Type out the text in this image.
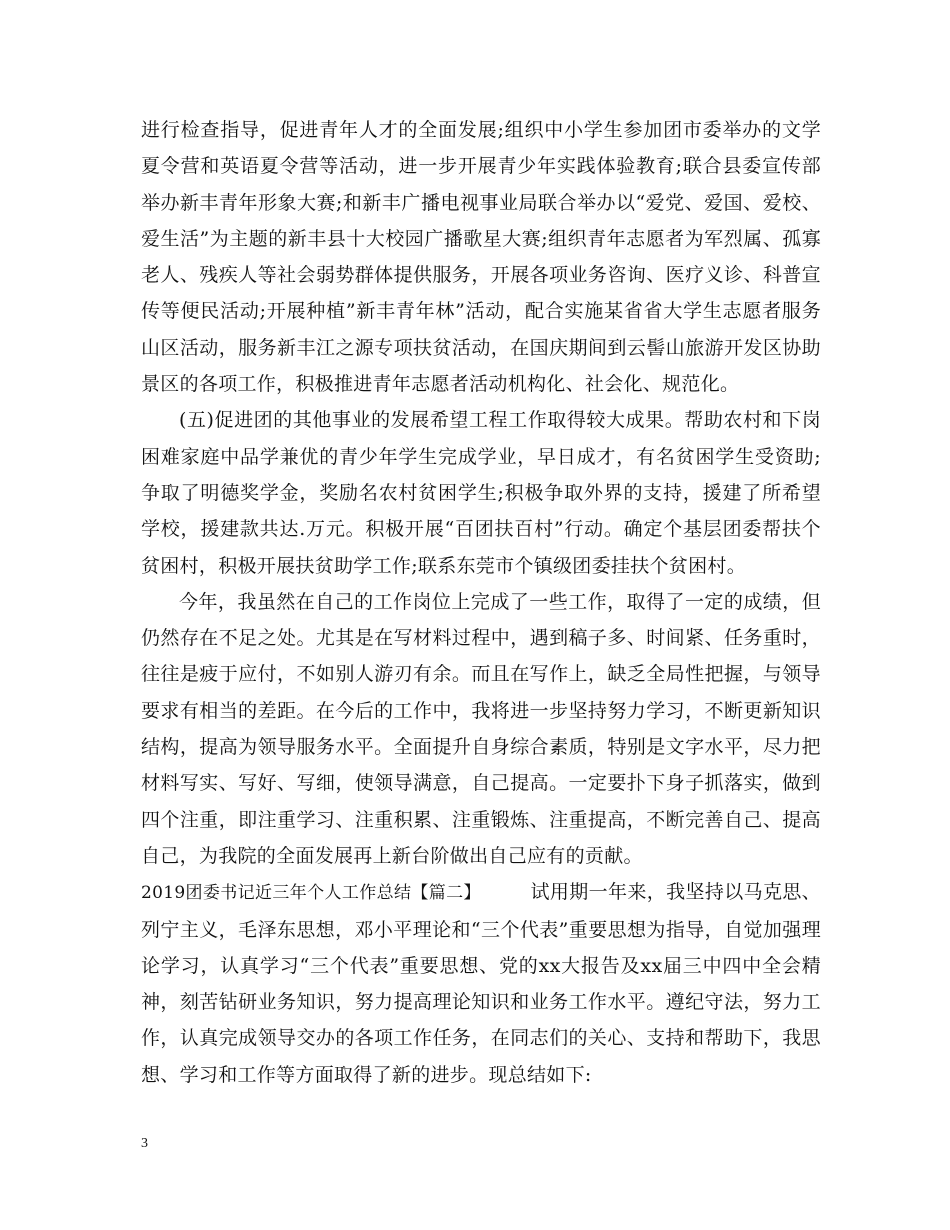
进行检查指导，促进青年人才的全面发展;组织中小学生参加团市委举办的文学夏令营和英语夏令营等活动，进一步开展青少年实践体验教育;联合县委宣传部举办新丰青年形象大赛;和新丰广播电视事业局联合举办以“爱党、爱国、爱校、爱生活”为主题的新丰县十大校园广播歌星大赛;组织青年志愿者为军烈属、孤寡老人、残疾人等社会弱势群体提供服务，开展各项业务咨询、医疗义诊、科普宣传等便民活动;开展种植”新丰青年林”活动，配合实施某省省大学生志愿者服务山区活动，服务新丰江之源专项扶贫活动，在国庆期间到云髻山旅游开发区协助景区的各项工作，积极推进青年志愿者活动机构化、社会化、规范化。

(五)促进团的其他事业的发展希望工程工作取得较大成果。帮助农村和下岗困难家庭中品学兼优的青少年学生完成学业，早日成才，有名贫困学生受资助;争取了明德奖学金，奖励名农村贫困学生;积极争取外界的支持，援建了所希望学校，援建款共达.万元。积极开展“百团扶百村”行动。确定个基层团委帮扶个贫困村，积极开展扶贫助学工作;联系东莞市个镇级团委挂扶个贫困村。

今年，我虽然在自己的工作岗位上完成了一些工作，取得了一定的成绩，但仍然存在不足之处。尤其是在写材料过程中，遇到稿子多、时间紧、任务重时，往往是疲于应付，不如别人游刃有余。而且在写作上，缺乏全局性把握，与领导要求有相当的差距。在今后的工作中，我将进一步坚持努力学习，不断更新知识结构，提高为领导服务水平。全面提升自身综合素质，特别是文字水平，尽力把材料写实、写好、写细，使领导满意，自己提高。一定要扑下身子抓落实，做到四个注重，即注重学习、注重积累、注重锻炼、注重提高，不断完善自己、提高自己，为我院的全面发展再上新台阶做出自己应有的贡献。

2019团委书记近三年个人工作总结【篇二】　　　	试用期一年来，我坚持以马克思、列宁主义，毛泽东思想，邓小平理论和“三个代表”重要思想为指导，自觉加强理论学习，认真学习“三个代表”重要思想、党的xx大报告及xx届三中四中全会精神，刻苦钻研业务知识，努力提高理论知识和业务工作水平。遵纪守法，努力工作，认真完成领导交办的各项工作任务，在同志们的关心、支持和帮助下，我思想、学习和工作等方面取得了新的进步。现总结如下:

3
